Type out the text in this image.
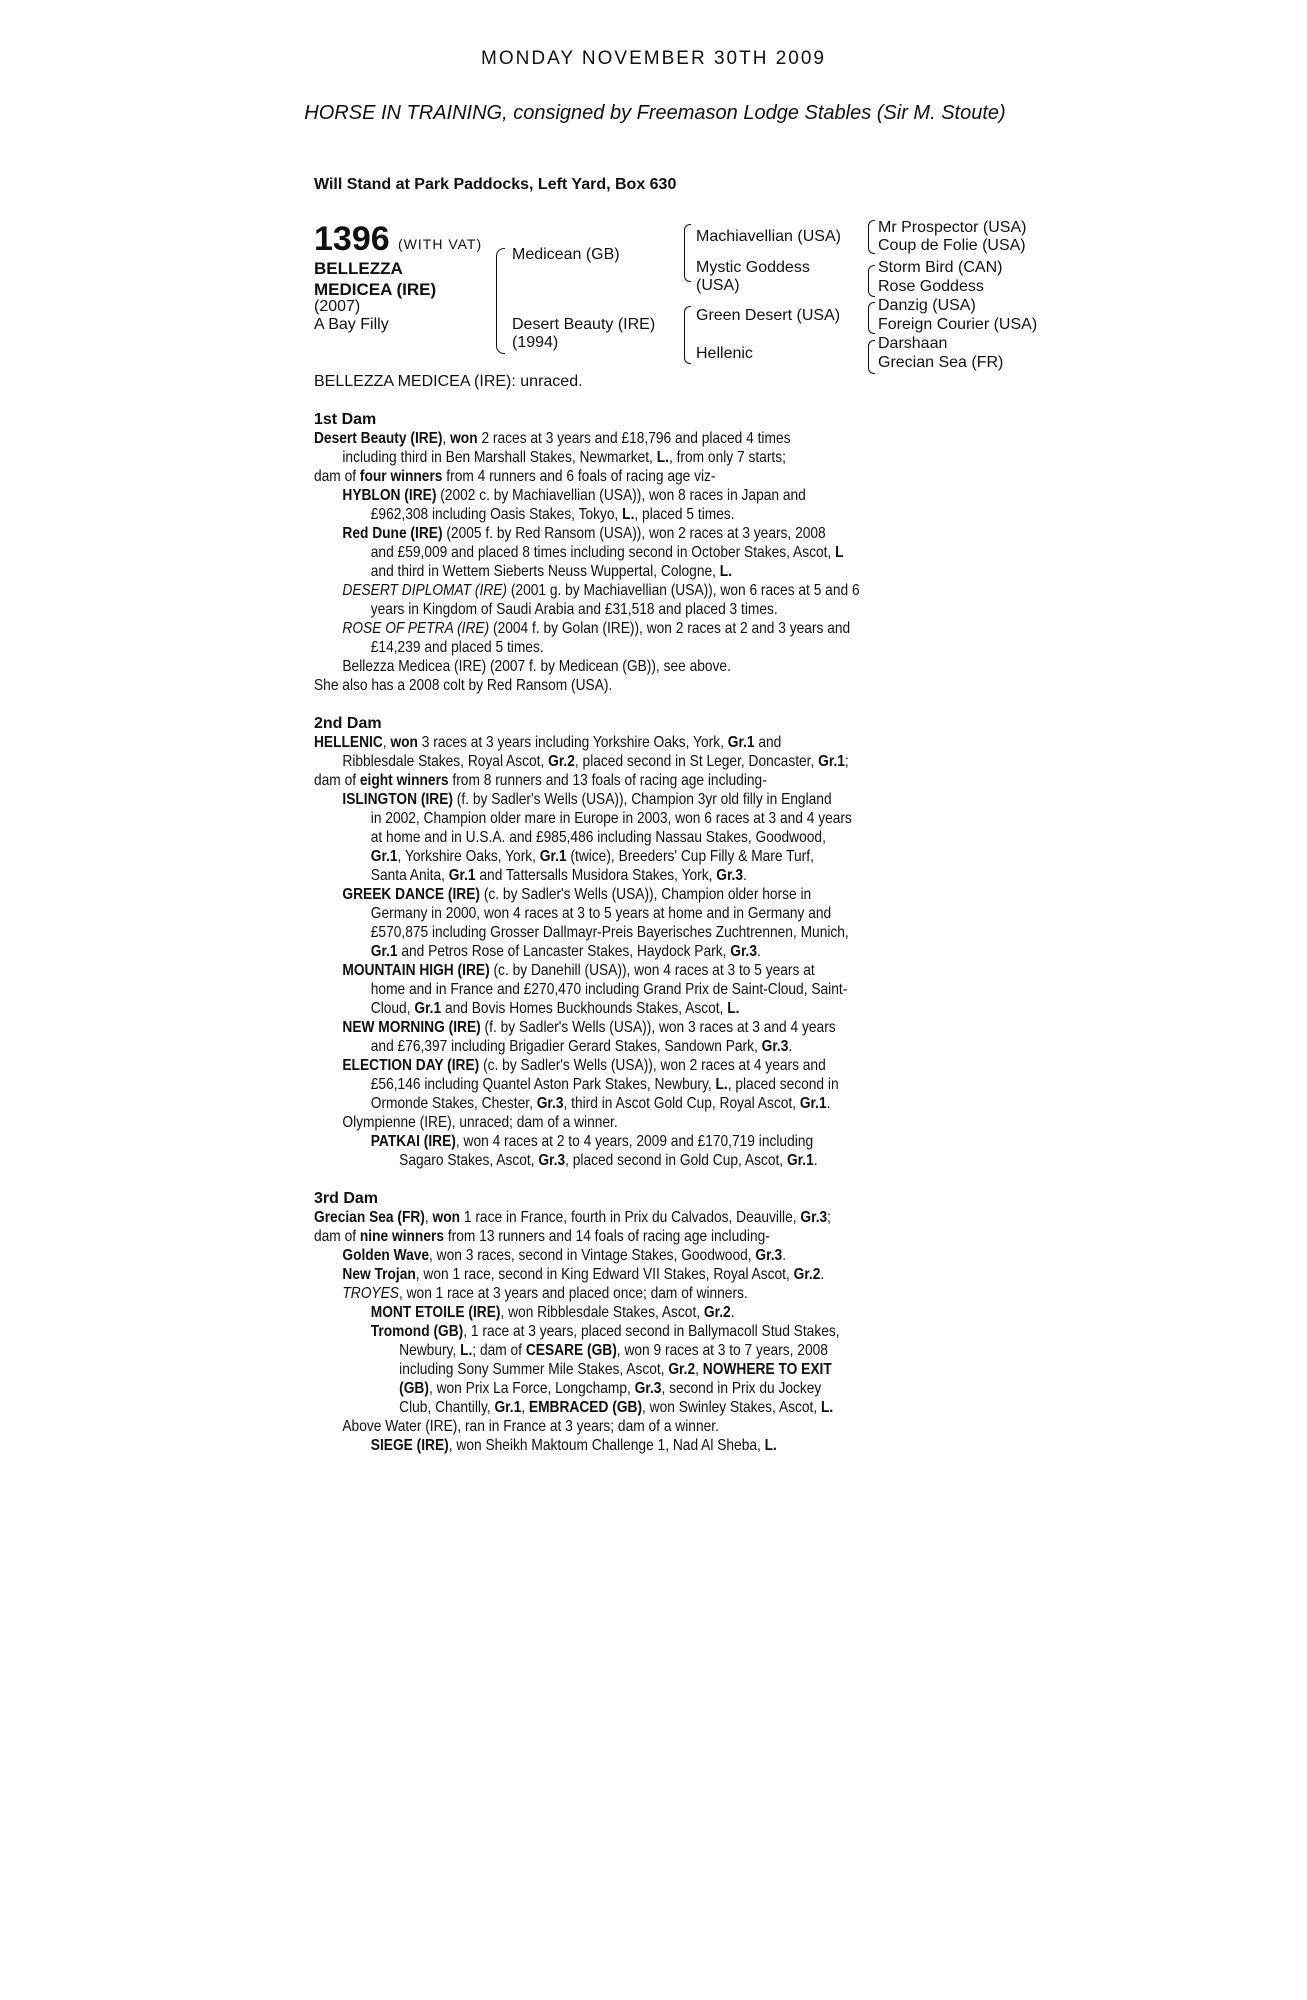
MONDAY NOVEMBER 30TH 2009
HORSE IN TRAINING, consigned by Freemason Lodge Stables (Sir M. Stoute)
Will Stand at Park Paddocks, Left Yard, Box 630
1396 (WITH VAT)
BELLEZZA
MEDICEA (IRE)
(2007)
A Bay Filly
Medicean (GB)
Desert Beauty (IRE)
(1994)
Machiavellian (USA)
Mystic Goddess
(USA)
Green Desert (USA)
Hellenic
Mr Prospector (USA)
Coup de Folie (USA)
Storm Bird (CAN)
Rose Goddess
Danzig (USA)
Foreign Courier (USA)
Darshaan
Grecian Sea (FR)
BELLEZZA MEDICEA (IRE): unraced.
1st Dam
Desert Beauty (IRE), won 2 races at 3 years and £18,796 and placed 4 times
including third in Ben Marshall Stakes, Newmarket, L., from only 7 starts;
dam of four winners from 4 runners and 6 foals of racing age viz-
HYBLON (IRE) (2002 c. by Machiavellian (USA)), won 8 races in Japan and
£962,308 including Oasis Stakes, Tokyo, L., placed 5 times.
Red Dune (IRE) (2005 f. by Red Ransom (USA)), won 2 races at 3 years, 2008
and £59,009 and placed 8 times including second in October Stakes, Ascot, L
and third in Wettem Sieberts Neuss Wuppertal, Cologne, L.
DESERT DIPLOMAT (IRE) (2001 g. by Machiavellian (USA)), won 6 races at 5 and 6
years in Kingdom of Saudi Arabia and £31,518 and placed 3 times.
ROSE OF PETRA (IRE) (2004 f. by Golan (IRE)), won 2 races at 2 and 3 years and
£14,239 and placed 5 times.
Bellezza Medicea (IRE) (2007 f. by Medicean (GB)), see above.
She also has a 2008 colt by Red Ransom (USA).
2nd Dam
HELLENIC, won 3 races at 3 years including Yorkshire Oaks, York, Gr.1 and
Ribblesdale Stakes, Royal Ascot, Gr.2, placed second in St Leger, Doncaster, Gr.1;
dam of eight winners from 8 runners and 13 foals of racing age including-
ISLINGTON (IRE) (f. by Sadler's Wells (USA)), Champion 3yr old filly in England
in 2002, Champion older mare in Europe in 2003, won 6 races at 3 and 4 years
at home and in U.S.A. and £985,486 including Nassau Stakes, Goodwood,
Gr.1, Yorkshire Oaks, York, Gr.1 (twice), Breeders' Cup Filly & Mare Turf,
Santa Anita, Gr.1 and Tattersalls Musidora Stakes, York, Gr.3.
GREEK DANCE (IRE) (c. by Sadler's Wells (USA)), Champion older horse in
Germany in 2000, won 4 races at 3 to 5 years at home and in Germany and
£570,875 including Grosser Dallmayr-Preis Bayerisches Zuchtrennen, Munich,
Gr.1 and Petros Rose of Lancaster Stakes, Haydock Park, Gr.3.
MOUNTAIN HIGH (IRE) (c. by Danehill (USA)), won 4 races at 3 to 5 years at
home and in France and £270,470 including Grand Prix de Saint-Cloud, Saint-
Cloud, Gr.1 and Bovis Homes Buckhounds Stakes, Ascot, L.
NEW MORNING (IRE) (f. by Sadler's Wells (USA)), won 3 races at 3 and 4 years
and £76,397 including Brigadier Gerard Stakes, Sandown Park, Gr.3.
ELECTION DAY (IRE) (c. by Sadler's Wells (USA)), won 2 races at 4 years and
£56,146 including Quantel Aston Park Stakes, Newbury, L., placed second in
Ormonde Stakes, Chester, Gr.3, third in Ascot Gold Cup, Royal Ascot, Gr.1.
Olympienne (IRE), unraced; dam of a winner.
PATKAI (IRE), won 4 races at 2 to 4 years, 2009 and £170,719 including
Sagaro Stakes, Ascot, Gr.3, placed second in Gold Cup, Ascot, Gr.1.
3rd Dam
Grecian Sea (FR), won 1 race in France, fourth in Prix du Calvados, Deauville, Gr.3;
dam of nine winners from 13 runners and 14 foals of racing age including-
Golden Wave, won 3 races, second in Vintage Stakes, Goodwood, Gr.3.
New Trojan, won 1 race, second in King Edward VII Stakes, Royal Ascot, Gr.2.
TROYES, won 1 race at 3 years and placed once; dam of winners.
MONT ETOILE (IRE), won Ribblesdale Stakes, Ascot, Gr.2.
Tromond (GB), 1 race at 3 years, placed second in Ballymacoll Stud Stakes,
Newbury, L.; dam of CESARE (GB), won 9 races at 3 to 7 years, 2008
including Sony Summer Mile Stakes, Ascot, Gr.2, NOWHERE TO EXIT
(GB), won Prix La Force, Longchamp, Gr.3, second in Prix du Jockey
Club, Chantilly, Gr.1, EMBRACED (GB), won Swinley Stakes, Ascot, L.
Above Water (IRE), ran in France at 3 years; dam of a winner.
SIEGE (IRE), won Sheikh Maktoum Challenge 1, Nad Al Sheba, L.
